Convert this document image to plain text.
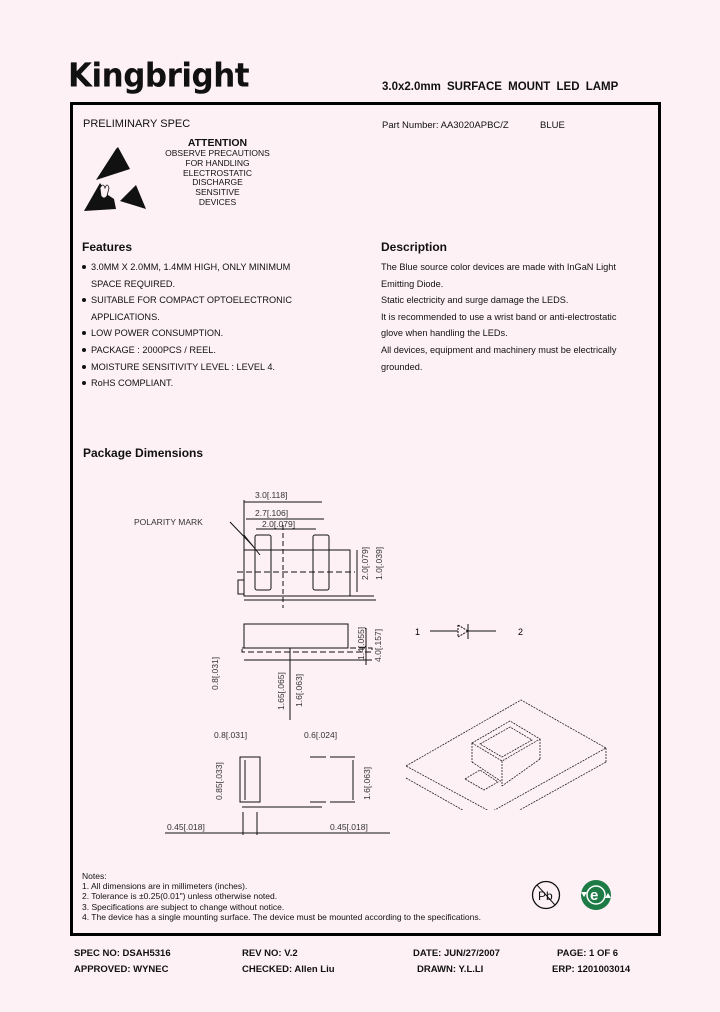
Kingbright	3.0x2.0mm SURFACE MOUNT LED LAMP
PRELIMINARY SPEC	Part Number: AA3020APBC/Z	BLUE
ATTENTION
OBSERVE PRECAUTIONS
FOR HANDLING
ELECTROSTATIC
DISCHARGE
SENSITIVE
DEVICES
Features
3.0MM X 2.0MM, 1.4MM HIGH, ONLY MINIMUM
SPACE REQUIRED.
SUITABLE FOR COMPACT OPTOELECTRONIC
APPLICATIONS.
LOW POWER CONSUMPTION.
PACKAGE : 2000PCS / REEL.
MOISTURE SENSITIVITY LEVEL : LEVEL 4.
RoHS COMPLIANT.
Description
The Blue source color devices are made with InGaN Light
Emitting Diode.
Static electricity and surge damage the LEDS.
It is recommended to use a wrist band or anti-electrostatic
glove when handling the LEDs.
All devices, equipment and machinery must be electrically
grounded.
Package Dimensions
3.0[.118]
2.7[.106]
2.0[.079]
POLARITY MARK
2.0[.079] 1.0[.039]
1.4[.055] 4.0[.157]
0.8[.031]	1.65[.065] 1.6[.063]
0.8[.031]	0.6[.024]
0.85[.033]	1.6[.063]
0.45[.018]	0.45[.018]
1	2
Notes:
1. All dimensions are in millimeters (inches).
2. Tolerance is ±0.25(0.01") unless otherwise noted.
3. Specifications are subject to change without notice.
4. The device has a single mounting surface. The device must be mounted according to the specifications.
Pb e
SPEC NO: DSAH5316	REV NO: V.2	DATE: JUN/27/2007	PAGE: 1 OF 6
APPROVED: WYNEC	CHECKED: Allen Liu	DRAWN: Y.L.LI	ERP: 1201003014
